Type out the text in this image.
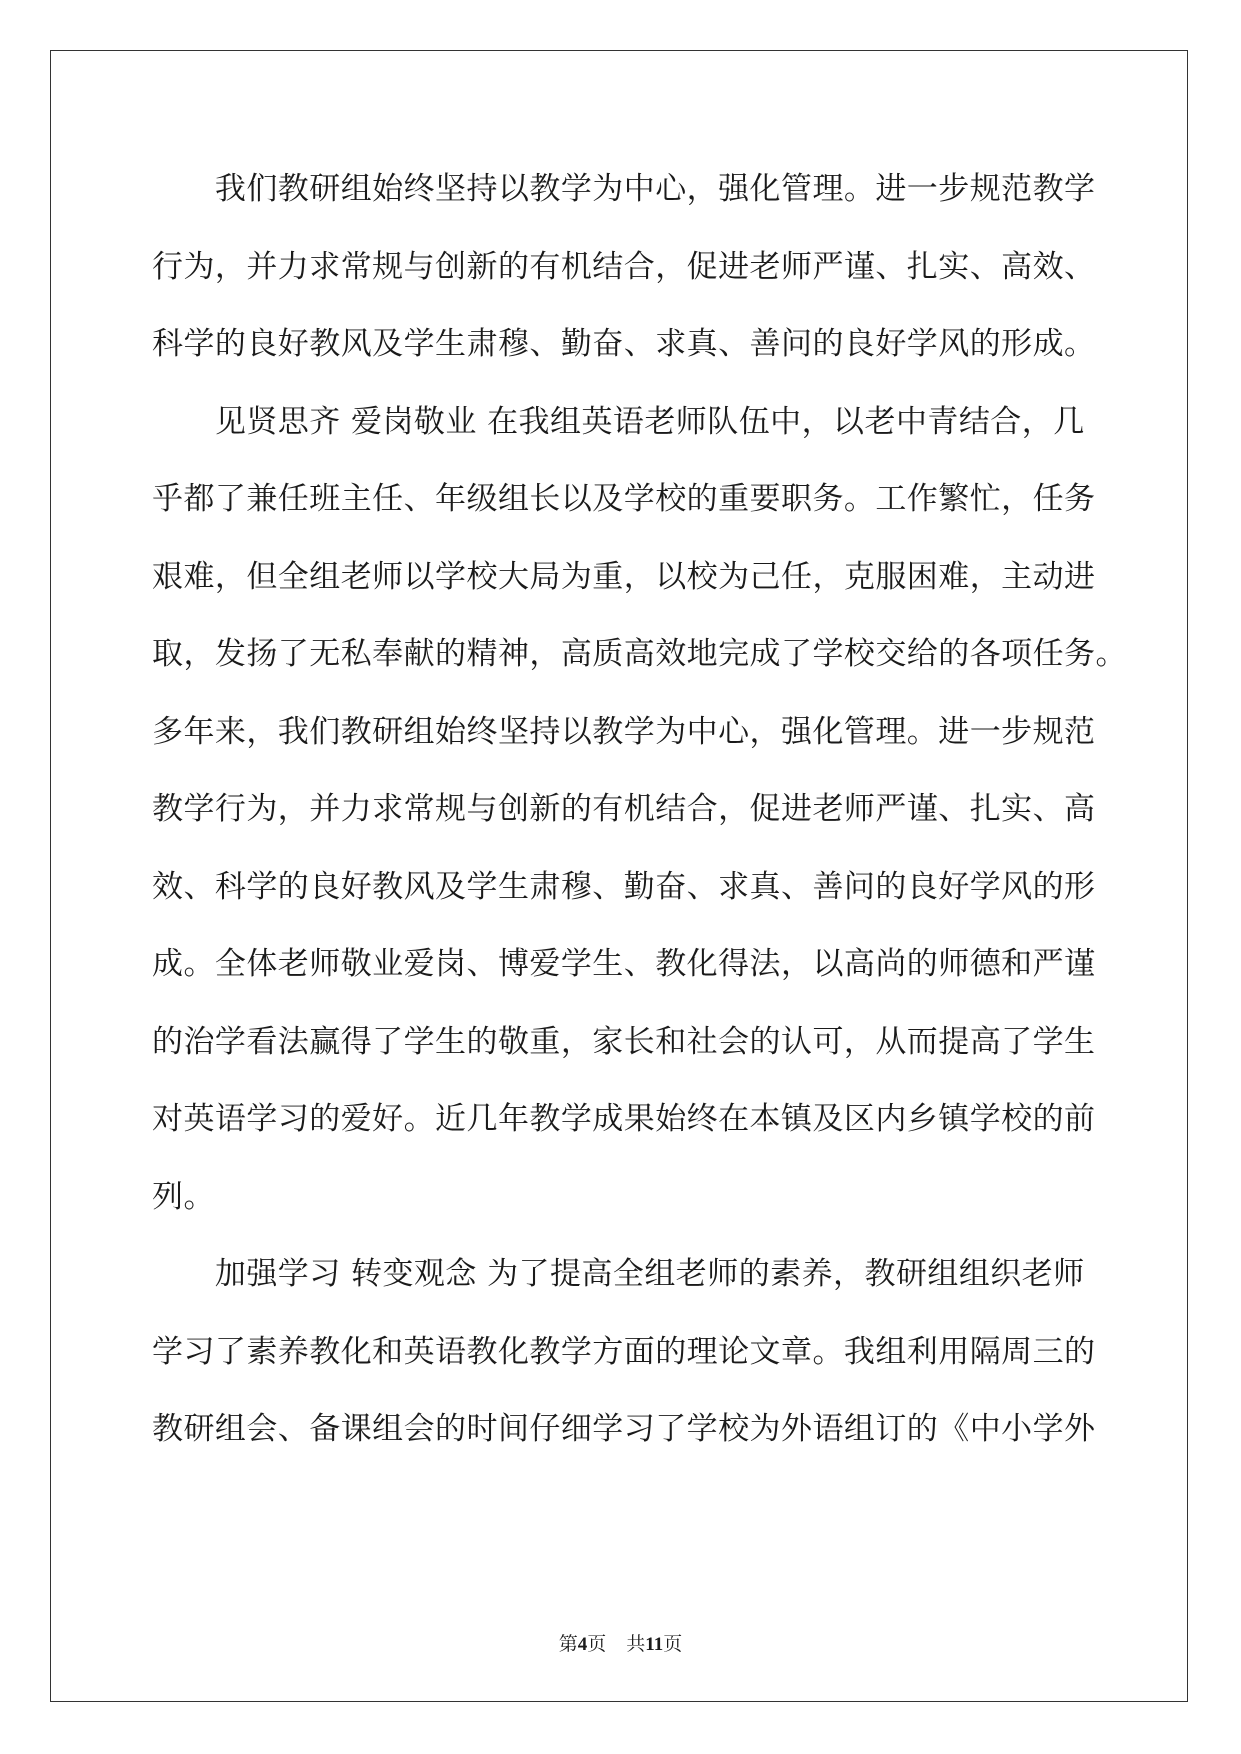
　　我们教研组始终坚持以教学为中心，强化管理。进一步规范教学
行为，并力求常规与创新的有机结合，促进老师严谨、扎实、高效、
科学的良好教风及学生肃穆、勤奋、求真、善问的良好学风的形成。
　　见贤思齐 爱岗敬业 在我组英语老师队伍中，以老中青结合，几
乎都了兼任班主任、年级组长以及学校的重要职务。工作繁忙，任务
艰难，但全组老师以学校大局为重，以校为己任，克服困难，主动进
取，发扬了无私奉献的精神，高质高效地完成了学校交给的各项任务。
多年来，我们教研组始终坚持以教学为中心，强化管理。进一步规范
教学行为，并力求常规与创新的有机结合，促进老师严谨、扎实、高
效、科学的良好教风及学生肃穆、勤奋、求真、善问的良好学风的形
成。全体老师敬业爱岗、博爱学生、教化得法，以高尚的师德和严谨
的治学看法赢得了学生的敬重，家长和社会的认可，从而提高了学生
对英语学习的爱好。近几年教学成果始终在本镇及区内乡镇学校的前
列。
　　加强学习 转变观念 为了提高全组老师的素养，教研组组织老师
学习了素养教化和英语教化教学方面的理论文章。我组利用隔周三的
教研组会、备课组会的时间仔细学习了学校为外语组订的《中小学外
第4页 共11页
